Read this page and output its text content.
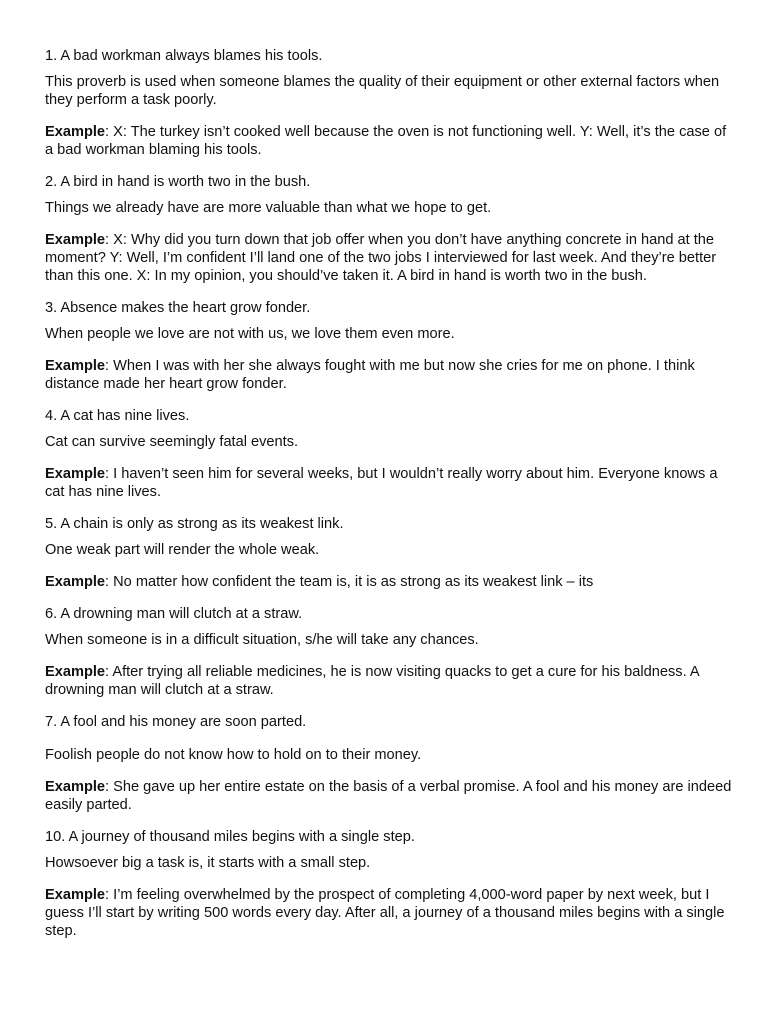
1. A bad workman always blames his tools.
This proverb is used when someone blames the quality of their equipment or other external factors when they perform a task poorly.
Example: X: The turkey isn’t cooked well because the oven is not functioning well. Y: Well, it’s the case of a bad workman blaming his tools.
2. A bird in hand is worth two in the bush.
Things we already have are more valuable than what we hope to get.
Example: X: Why did you turn down that job offer when you don’t have anything concrete in hand at the moment? Y: Well, I’m confident I’ll land one of the two jobs I interviewed for last week. And they’re better than this one. X: In my opinion, you should’ve taken it. A bird in hand is worth two in the bush.
3. Absence makes the heart grow fonder.
When people we love are not with us, we love them even more.
Example: When I was with her she always fought with me but now she cries for me on phone. I think distance made her heart grow fonder.
4. A cat has nine lives.
Cat can survive seemingly fatal events.
Example: I haven’t seen him for several weeks, but I wouldn’t really worry about him. Everyone knows a cat has nine lives.
5. A chain is only as strong as its weakest link.
One weak part will render the whole weak.
Example: No matter how confident the team is, it is as strong as its weakest link – its
6. A drowning man will clutch at a straw.
When someone is in a difficult situation, s/he will take any chances.
Example: After trying all reliable medicines, he is now visiting quacks to get a cure for his baldness. A drowning man will clutch at a straw.
7. A fool and his money are soon parted.
Foolish people do not know how to hold on to their money.
Example: She gave up her entire estate on the basis of a verbal promise. A fool and his money are indeed easily parted.
10. A journey of thousand miles begins with a single step.
Howsoever big a task is, it starts with a small step.
Example: I’m feeling overwhelmed by the prospect of completing 4,000-word paper by next week, but I guess I’ll start by writing 500 words every day. After all, a journey of a thousand miles begins with a single step.
